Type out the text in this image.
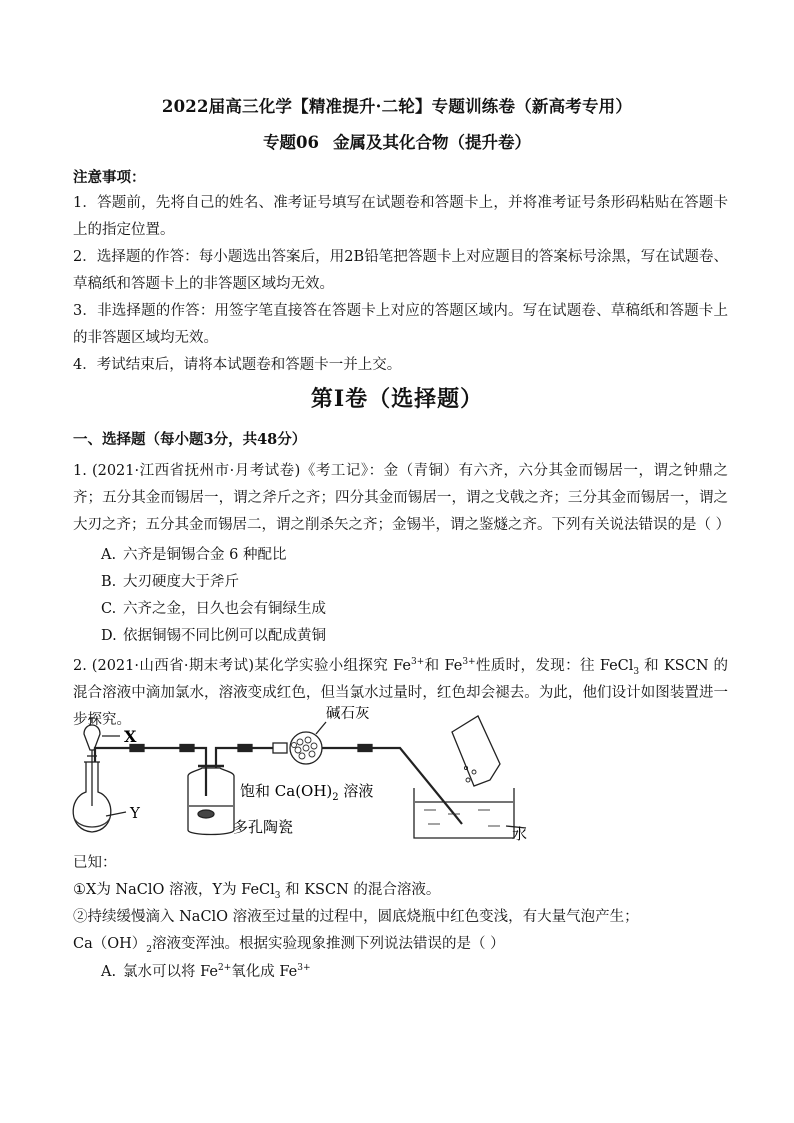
2022届高三化学【精准提升·二轮】专题训练卷（新高考专用）
专题06 金属及其化合物（提升卷）
注意事项：
1．答题前，先将自己的姓名、准考证号填写在试题卷和答题卡上，并将准考证号条形码粘贴在答题卡上的指定位置。
2．选择题的作答：每小题选出答案后，用2B铅笔把答题卡上对应题目的答案标号涂黑，写在试题卷、草稿纸和答题卡上的非答题区域均无效。
3．非选择题的作答：用签字笔直接答在答题卡上对应的答题区域内。写在试题卷、草稿纸和答题卡上的非答题区域均无效。
4．考试结束后，请将本试题卷和答题卡一并上交。
第I卷（选择题）
一、选择题（每小题3分，共48分）
1. (2021·江西省抚州市·月考试卷)《考工记》：金（青铜）有六齐，六分其金而锡居一，谓之钟鼎之齐；五分其金而锡居一，谓之斧斤之齐；四分其金而锡居一，谓之戈戟之齐；三分其金而锡居一，谓之大刃之齐；五分其金而锡居二，谓之削杀矢之齐；金锡半，谓之鉴燧之齐。下列有关说法错误的是（ ）
A. 六齐是铜锡合金 6 种配比
B. 大刃硬度大于斧斤
C. 六齐之金，日久也会有铜绿生成
D. 依据铜锡不同比例可以配成黄铜
2. (2021·山西省·期末考试)某化学实验小组探究 $Fe^{3+}$和 $Fe^{3+}$性质时，发现：往 FeCl$_3$ 和 KSCN 的混合溶液中滴加氯水，溶液变成红色，但当氯水过量时，红色却会褪去。为此，他们设计如图装置进一步探究。
X
Y
碱石灰
饱和 $Ca(OH)_2$ 溶液
多孔陶瓷	水
已知：
①X为 NaClO 溶液，Y为 FeCl$_3$ 和 KSCN 的混合溶液。
②持续缓慢滴入 NaClO 溶液至过量的过程中，圆底烧瓶中红色变浅，有大量气泡产生；
$Ca(OH)_2$溶液变浑浊。根据实验现象推测下列说法错误的是（ ）
A. 氯水可以将 $Fe^{2+}$氧化成 $Fe^{3+}$
